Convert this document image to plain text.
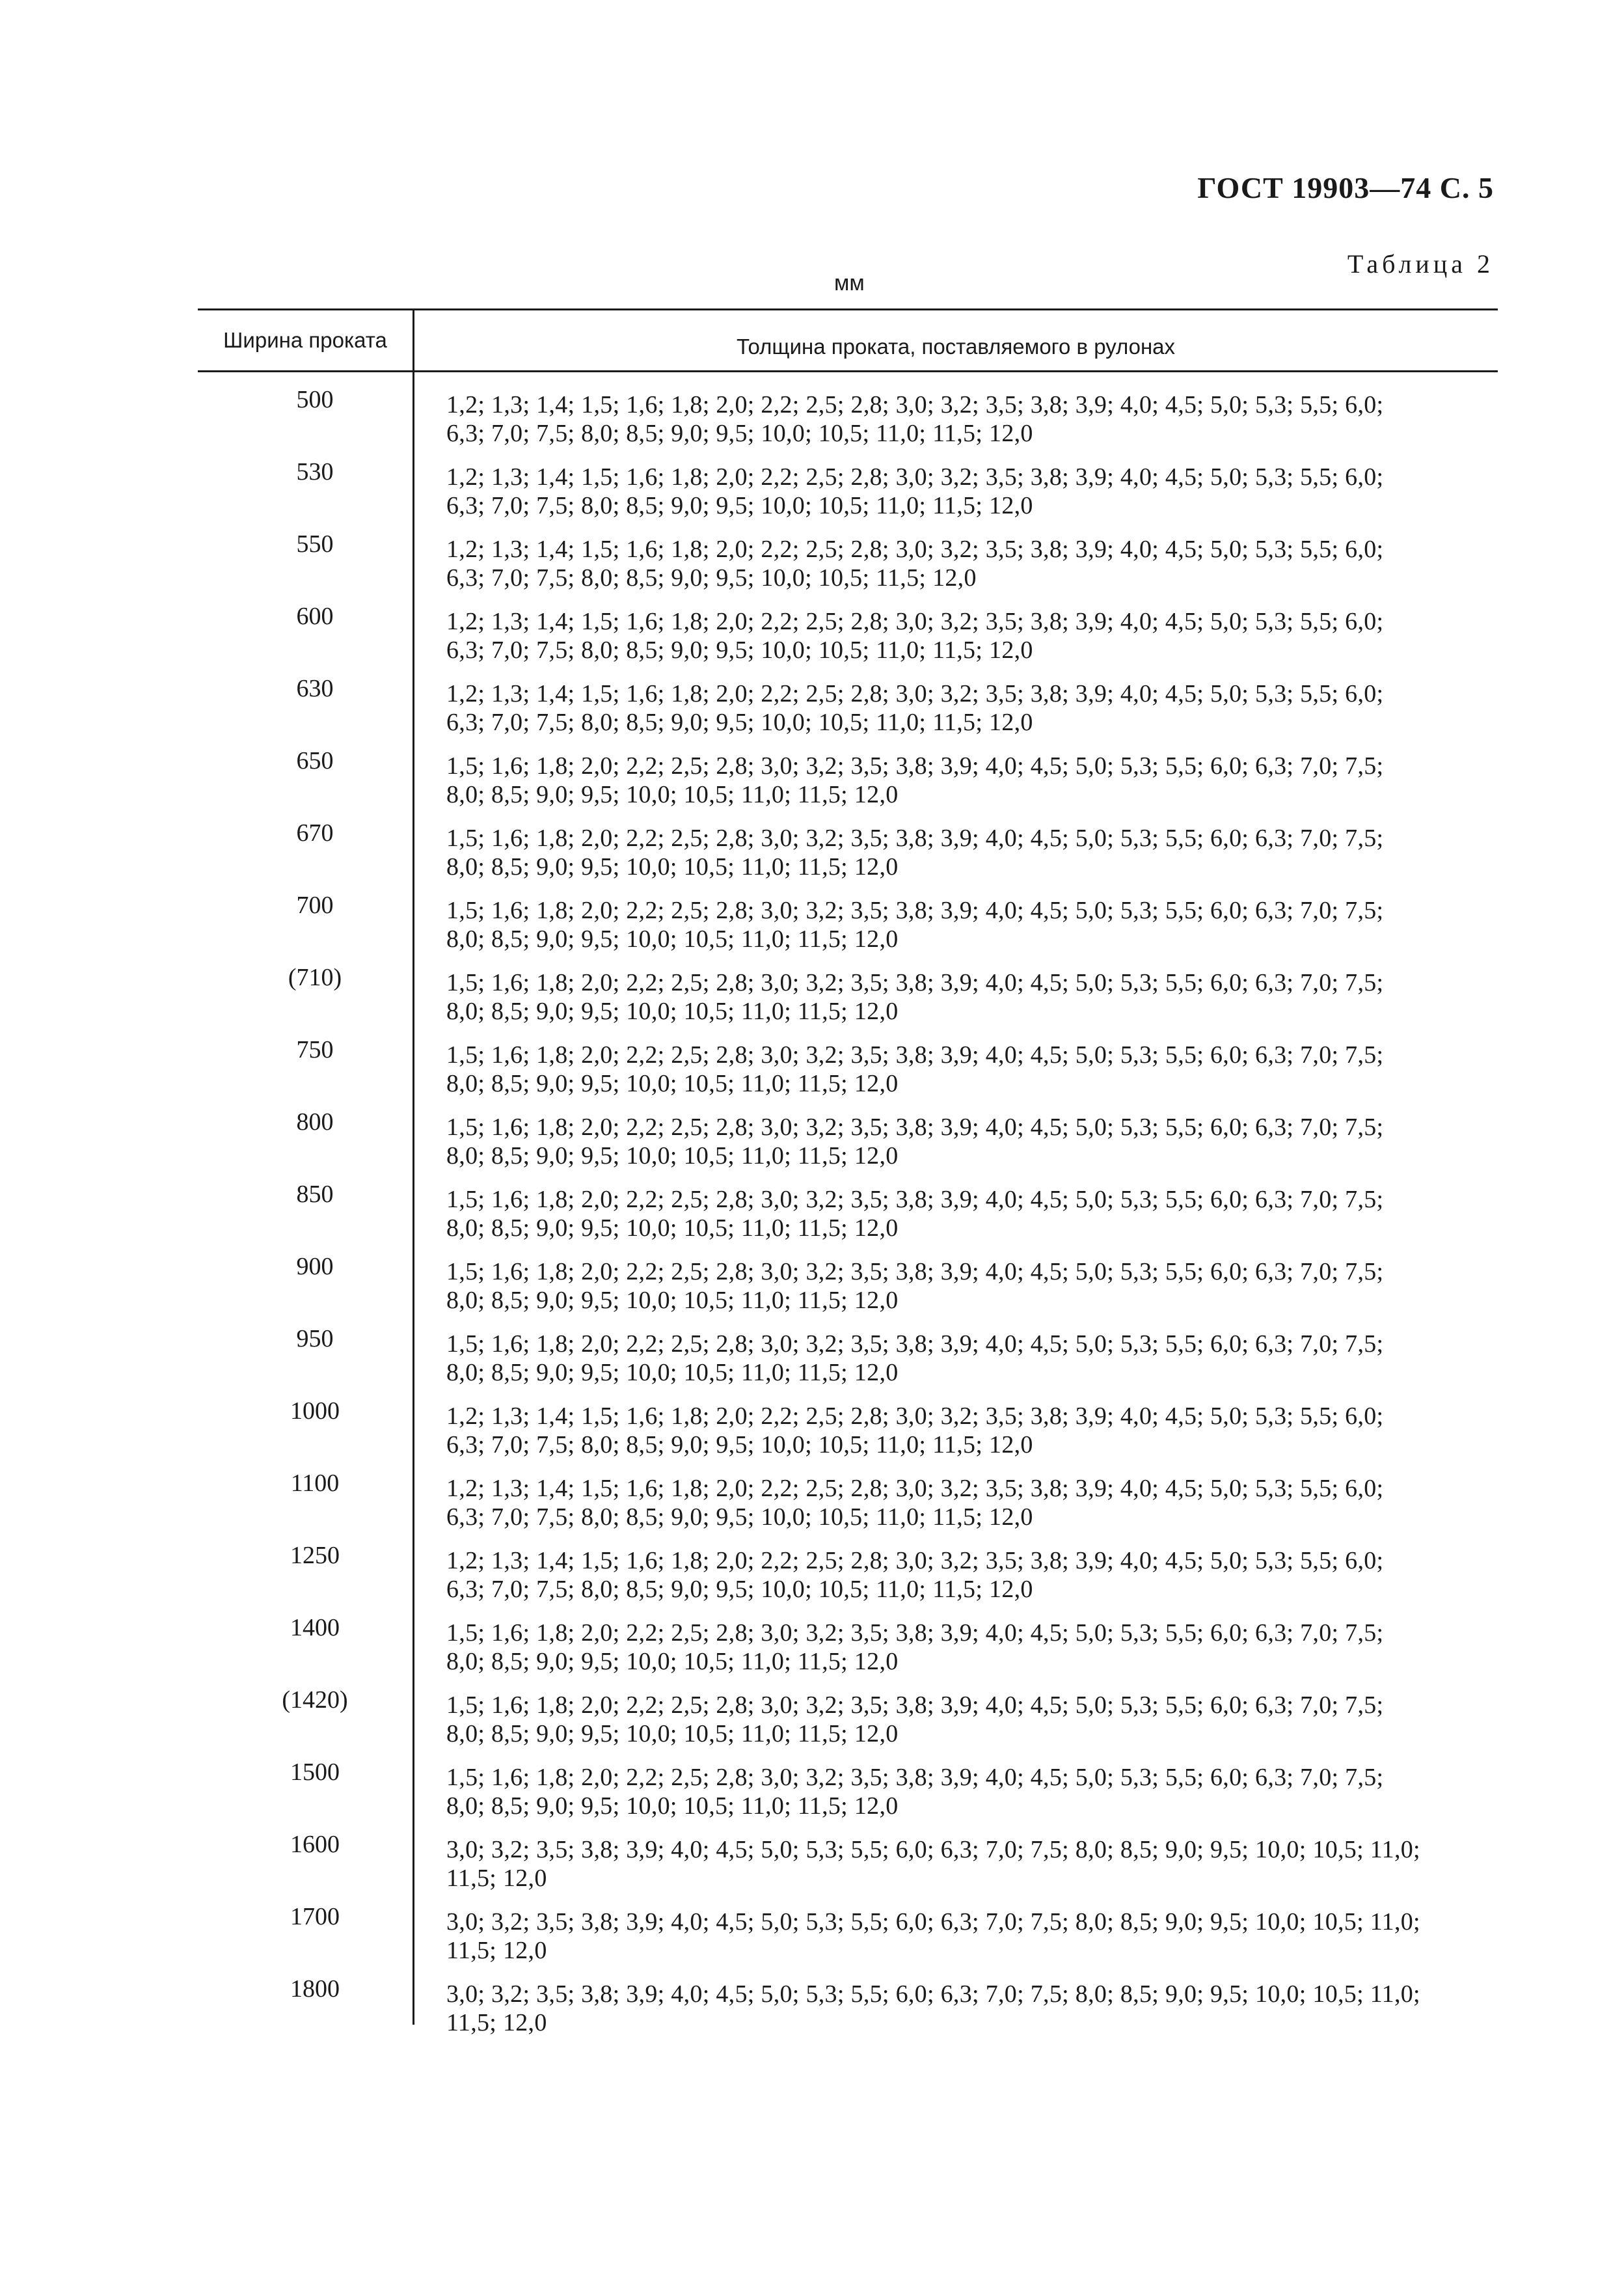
ГОСТ 19903—74 С. 5
Таблица 2
мм
Ширина проката	Толщина проката, поставляемого в рулонах
500	1,2; 1,3; 1,4; 1,5; 1,6; 1,8; 2,0; 2,2; 2,5; 2,8; 3,0; 3,2; 3,5; 3,8; 3,9; 4,0; 4,5; 5,0; 5,3; 5,5; 6,0;
6,3; 7,0; 7,5; 8,0; 8,5; 9,0; 9,5; 10,0; 10,5; 11,0; 11,5; 12,0
530	1,2; 1,3; 1,4; 1,5; 1,6; 1,8; 2,0; 2,2; 2,5; 2,8; 3,0; 3,2; 3,5; 3,8; 3,9; 4,0; 4,5; 5,0; 5,3; 5,5; 6,0;
6,3; 7,0; 7,5; 8,0; 8,5; 9,0; 9,5; 10,0; 10,5; 11,0; 11,5; 12,0
550	1,2; 1,3; 1,4; 1,5; 1,6; 1,8; 2,0; 2,2; 2,5; 2,8; 3,0; 3,2; 3,5; 3,8; 3,9; 4,0; 4,5; 5,0; 5,3; 5,5; 6,0;
6,3; 7,0; 7,5; 8,0; 8,5; 9,0; 9,5; 10,0; 10,5; 11,5; 12,0
600	1,2; 1,3; 1,4; 1,5; 1,6; 1,8; 2,0; 2,2; 2,5; 2,8; 3,0; 3,2; 3,5; 3,8; 3,9; 4,0; 4,5; 5,0; 5,3; 5,5; 6,0;
6,3; 7,0; 7,5; 8,0; 8,5; 9,0; 9,5; 10,0; 10,5; 11,0; 11,5; 12,0
630	1,2; 1,3; 1,4; 1,5; 1,6; 1,8; 2,0; 2,2; 2,5; 2,8; 3,0; 3,2; 3,5; 3,8; 3,9; 4,0; 4,5; 5,0; 5,3; 5,5; 6,0;
6,3; 7,0; 7,5; 8,0; 8,5; 9,0; 9,5; 10,0; 10,5; 11,0; 11,5; 12,0
650	1,5; 1,6; 1,8; 2,0; 2,2; 2,5; 2,8; 3,0; 3,2; 3,5; 3,8; 3,9; 4,0; 4,5; 5,0; 5,3; 5,5; 6,0; 6,3; 7,0; 7,5;
8,0; 8,5; 9,0; 9,5; 10,0; 10,5; 11,0; 11,5; 12,0
670	1,5; 1,6; 1,8; 2,0; 2,2; 2,5; 2,8; 3,0; 3,2; 3,5; 3,8; 3,9; 4,0; 4,5; 5,0; 5,3; 5,5; 6,0; 6,3; 7,0; 7,5;
8,0; 8,5; 9,0; 9,5; 10,0; 10,5; 11,0; 11,5; 12,0
700	1,5; 1,6; 1,8; 2,0; 2,2; 2,5; 2,8; 3,0; 3,2; 3,5; 3,8; 3,9; 4,0; 4,5; 5,0; 5,3; 5,5; 6,0; 6,3; 7,0; 7,5;
8,0; 8,5; 9,0; 9,5; 10,0; 10,5; 11,0; 11,5; 12,0
(710)	1,5; 1,6; 1,8; 2,0; 2,2; 2,5; 2,8; 3,0; 3,2; 3,5; 3,8; 3,9; 4,0; 4,5; 5,0; 5,3; 5,5; 6,0; 6,3; 7,0; 7,5;
8,0; 8,5; 9,0; 9,5; 10,0; 10,5; 11,0; 11,5; 12,0
750	1,5; 1,6; 1,8; 2,0; 2,2; 2,5; 2,8; 3,0; 3,2; 3,5; 3,8; 3,9; 4,0; 4,5; 5,0; 5,3; 5,5; 6,0; 6,3; 7,0; 7,5;
8,0; 8,5; 9,0; 9,5; 10,0; 10,5; 11,0; 11,5; 12,0
800	1,5; 1,6; 1,8; 2,0; 2,2; 2,5; 2,8; 3,0; 3,2; 3,5; 3,8; 3,9; 4,0; 4,5; 5,0; 5,3; 5,5; 6,0; 6,3; 7,0; 7,5;
8,0; 8,5; 9,0; 9,5; 10,0; 10,5; 11,0; 11,5; 12,0
850	1,5; 1,6; 1,8; 2,0; 2,2; 2,5; 2,8; 3,0; 3,2; 3,5; 3,8; 3,9; 4,0; 4,5; 5,0; 5,3; 5,5; 6,0; 6,3; 7,0; 7,5;
8,0; 8,5; 9,0; 9,5; 10,0; 10,5; 11,0; 11,5; 12,0
900	1,5; 1,6; 1,8; 2,0; 2,2; 2,5; 2,8; 3,0; 3,2; 3,5; 3,8; 3,9; 4,0; 4,5; 5,0; 5,3; 5,5; 6,0; 6,3; 7,0; 7,5;
8,0; 8,5; 9,0; 9,5; 10,0; 10,5; 11,0; 11,5; 12,0
950	1,5; 1,6; 1,8; 2,0; 2,2; 2,5; 2,8; 3,0; 3,2; 3,5; 3,8; 3,9; 4,0; 4,5; 5,0; 5,3; 5,5; 6,0; 6,3; 7,0; 7,5;
8,0; 8,5; 9,0; 9,5; 10,0; 10,5; 11,0; 11,5; 12,0
1000	1,2; 1,3; 1,4; 1,5; 1,6; 1,8; 2,0; 2,2; 2,5; 2,8; 3,0; 3,2; 3,5; 3,8; 3,9; 4,0; 4,5; 5,0; 5,3; 5,5; 6,0;
6,3; 7,0; 7,5; 8,0; 8,5; 9,0; 9,5; 10,0; 10,5; 11,0; 11,5; 12,0
1100	1,2; 1,3; 1,4; 1,5; 1,6; 1,8; 2,0; 2,2; 2,5; 2,8; 3,0; 3,2; 3,5; 3,8; 3,9; 4,0; 4,5; 5,0; 5,3; 5,5; 6,0;
6,3; 7,0; 7,5; 8,0; 8,5; 9,0; 9,5; 10,0; 10,5; 11,0; 11,5; 12,0
1250	1,2; 1,3; 1,4; 1,5; 1,6; 1,8; 2,0; 2,2; 2,5; 2,8; 3,0; 3,2; 3,5; 3,8; 3,9; 4,0; 4,5; 5,0; 5,3; 5,5; 6,0;
6,3; 7,0; 7,5; 8,0; 8,5; 9,0; 9,5; 10,0; 10,5; 11,0; 11,5; 12,0
1400	1,5; 1,6; 1,8; 2,0; 2,2; 2,5; 2,8; 3,0; 3,2; 3,5; 3,8; 3,9; 4,0; 4,5; 5,0; 5,3; 5,5; 6,0; 6,3; 7,0; 7,5;
8,0; 8,5; 9,0; 9,5; 10,0; 10,5; 11,0; 11,5; 12,0
(1420)	1,5; 1,6; 1,8; 2,0; 2,2; 2,5; 2,8; 3,0; 3,2; 3,5; 3,8; 3,9; 4,0; 4,5; 5,0; 5,3; 5,5; 6,0; 6,3; 7,0; 7,5;
8,0; 8,5; 9,0; 9,5; 10,0; 10,5; 11,0; 11,5; 12,0
1500	1,5; 1,6; 1,8; 2,0; 2,2; 2,5; 2,8; 3,0; 3,2; 3,5; 3,8; 3,9; 4,0; 4,5; 5,0; 5,3; 5,5; 6,0; 6,3; 7,0; 7,5;
8,0; 8,5; 9,0; 9,5; 10,0; 10,5; 11,0; 11,5; 12,0
1600	3,0; 3,2; 3,5; 3,8; 3,9; 4,0; 4,5; 5,0; 5,3; 5,5; 6,0; 6,3; 7,0; 7,5; 8,0; 8,5; 9,0; 9,5; 10,0; 10,5; 11,0;
11,5; 12,0
1700	3,0; 3,2; 3,5; 3,8; 3,9; 4,0; 4,5; 5,0; 5,3; 5,5; 6,0; 6,3; 7,0; 7,5; 8,0; 8,5; 9,0; 9,5; 10,0; 10,5; 11,0;
11,5; 12,0
1800	3,0; 3,2; 3,5; 3,8; 3,9; 4,0; 4,5; 5,0; 5,3; 5,5; 6,0; 6,3; 7,0; 7,5; 8,0; 8,5; 9,0; 9,5; 10,0; 10,5; 11,0;
11,5; 12,0
